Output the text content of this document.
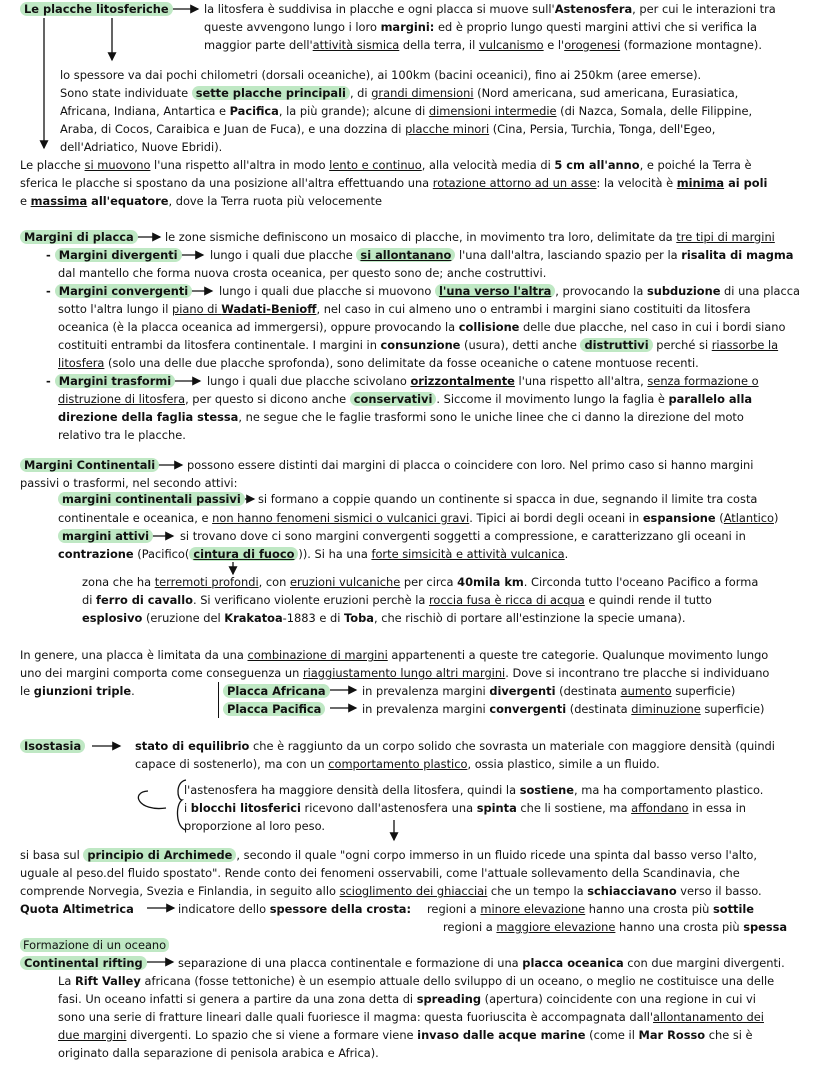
Le placche litosferiche	la litosfera è suddivisa in placche e ogni placca si muove sull'Astenosfera, per cui le interazioni tra
queste avvengono lungo i loro margini: ed è proprio lungo questi margini attivi che si verifica la
maggior parte dell'attività sismica della terra, il vulcanismo e l'orogenesi (formazione montagne).
lo spessore va dai pochi chilometri (dorsali oceaniche), ai 100km (bacini oceanici), fino ai 250km (aree emerse).
Sono state individuate sette placche principali , di grandi dimensioni (Nord americana, sud americana, Eurasiatica,
Africana, Indiana, Antartica e Pacifica, la più grande); alcune di dimensioni intermedie (di Nazca, Somala, delle Filippine,
Araba, di Cocos, Caraibica e Juan de Fuca), e una dozzina di placche minori (Cina, Persia, Turchia, Tonga, dell'Egeo,
dell'Adriatico, Nuove Ebridi).
Le placche si muovono l'una rispetto all'altra in modo lento e continuo, alla velocità media di 5 cm all'anno, e poiché la Terra è
sferica le placche si spostano da una posizione all'altra effettuando una rotazione attorno ad un asse: la velocità è minima ai poli
e massima all'equatore, dove la Terra ruota più velocemente
Margini di placca	le zone sismiche definiscono un mosaico di placche, in movimento tra loro, delimitate da tre tipi di margini
- Margini divergenti	lungo i quali due placche si allontanano l'una dall'altra, lasciando spazio per la risalita di magma
dal mantello che forma nuova crosta oceanica, per questo sono de; anche costruttivi.
- Margini convergenti	lungo i quali due placche si muovono l'una verso l'altra , provocando la subduzione di una placca
sotto l'altra lungo il piano di Wadati-Benioff, nel caso in cui almeno uno o entrambi i margini siano costituiti da litosfera
oceanica (è la placca oceanica ad immergersi), oppure provocando la collisione delle due placche, nel caso in cui i bordi siano
costituiti entrambi da litosfera continentale. I margini in consunzione (usura), detti anche distruttivi perché si riassorbe la
litosfera (solo una delle due placche sprofonda), sono delimitate da fosse oceaniche o catene montuose recenti.
- Margini trasformi	lungo i quali due placche scivolano orizzontalmente l'una rispetto all'altra, senza formazione o
distruzione di litosfera, per questo si dicono anche conservativi . Siccome il movimento lungo la faglia è parallelo alla
direzione della faglia stessa, ne segue che le faglie trasformi sono le uniche linee che ci danno la direzione del moto
relativo tra le placche.
Margini Continentali	possono essere distinti dai margini di placca o coincidere con loro. Nel primo caso si hanno margini
passivi o trasformi, nel secondo attivi:
margini continentali passivi	si formano a coppie quando un continente si spacca in due, segnando il limite tra costa
continentale e oceanica, e non hanno fenomeni sismici o vulcanici gravi. Tipici ai bordi degli oceani in espansione (Atlantico)
margini attivi	si trovano dove ci sono margini convergenti soggetti a compressione, e caratterizzano gli oceani in
contrazione (Pacifico( cintura di fuoco )). Si ha una forte simsicità e attività vulcanica.
zona che ha terremoti profondi, con eruzioni vulcaniche per circa 40mila km. Circonda tutto l'oceano Pacifico a forma
di ferro di cavallo. Si verificano violente eruzioni perchè la roccia fusa è ricca di acqua e quindi rende il tutto
esplosivo (eruzione del Krakatoa-1883 e di Toba, che rischiò di portare all'estinzione la specie umana).
In genere, una placca è limitata da una combinazione di margini appartenenti a queste tre categorie. Qualunque movimento lungo
uno dei margini comporta come conseguenza un riaggiustamento lungo altri margini. Dove si incontrano tre placche si individuano
le giunzioni triple.	Placca Africana	in prevalenza margini divergenti (destinata aumento superficie)
Placca Pacifica	in prevalenza margini convergenti (destinata diminuzione superficie)
Isostasia	stato di equilibrio che è raggiunto da un corpo solido che sovrasta un materiale con maggiore densità (quindi
capace di sostenerlo), ma con un comportamento plastico, ossia plastico, simile a un fluido.
l'astenosfera ha maggiore densità della litosfera, quindi la sostiene, ma ha comportamento plastico.
i blocchi litosferici ricevono dall'astenosfera una spinta che li sostiene, ma affondano in essa in
proporzione al loro peso.
si basa sul principio di Archimede , secondo il quale "ogni corpo immerso in un fluido ricede una spinta dal basso verso l'alto,
uguale al peso.del fluido spostato". Rende conto dei fenomeni osservabili, come l'attuale sollevamento della Scandinavia, che
comprende Norvegia, Svezia e Finlandia, in seguito allo scioglimento dei ghiacciai che un tempo la schiacciavano verso il basso.
Quota Altimetrica	indicatore dello spessore della crosta: regioni a minore elevazione hanno una crosta più sottile
regioni a maggiore elevazione hanno una crosta più spessa
Formazione di un oceano
Continental rifting	separazione di una placca continentale e formazione di una placca oceanica con due margini divergenti.
La Rift Valley africana (fosse tettoniche) è un esempio attuale dello sviluppo di un oceano, o meglio ne costituisce una delle
fasi. Un oceano infatti si genera a partire da una zona detta di spreading (apertura) coincidente con una regione in cui vi
sono una serie di fratture lineari dalle quali fuoriesce il magma: questa fuoriuscita è accompagnata dall'allontanamento dei
due margini divergenti. Lo spazio che si viene a formare viene invaso dalle acque marine (come il Mar Rosso che si è
originato dalla separazione di penisola arabica e Africa).
